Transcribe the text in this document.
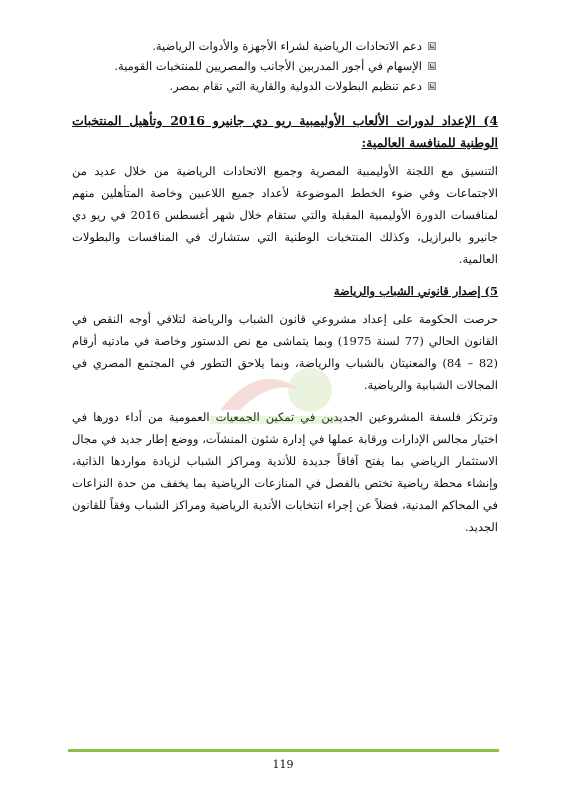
دعم الاتحادات الرياضية لشراء الأجهزة والأدوات الرياضية.
الإسهام في أجور المدربين الأجانب والمصريين للمنتخبات القومية.
دعم تنظيم البطولات الدولية والقارية التي تقام بمصر.
4) الإعداد لدورات الألعاب الأوليمبية ريو دي جانيرو 2016 وتأهيل المنتخبات الوطنية للمنافسة العالمية:

التنسيق مع اللجنة الأوليمبية المصرية وجميع الاتحادات الرياضية من خلال عديد من الاجتماعات وفي ضوء الخطط الموضوعة لأعداد جميع اللاعبين وخاصة المتأهلين منهم لمنافسات الدورة الأوليمبية المقبلة والتي ستقام خلال شهر أغسطس 2016 في ريو دي جانيرو بالبرازيل، وكذلك المنتخبات الوطنية التي ستشارك في المنافسات والبطولات العالمية.

5) إصدار قانوني الشباب والرياضة

حرصت الحكومة على إعداد مشروعي قانون الشباب والرياضة لتلافي أوجه النقص في القانون الحالي (77 لسنة 1975) وبما يتماشى مع نص الدستور وخاصة في مادتيه أرقام (82 – 84) والمعنيتان بالشباب والرياضة، وبما يلاحق التطور في المجتمع المصري في المجالات الشبابية والرياضية.

وترتكز فلسفة المشروعين الجديدين في تمكين الجمعيات العمومية من أداء دورها في اختيار مجالس الإدارات ورقابة عملها في إدارة شئون المنشآت، ووضع إطار جديد في مجال الاستثمار الرياضي بما يفتح آفاقاً جديدة للأندية ومراكز الشباب لزيادة مواردها الذاتية، وإنشاء محطة رياضية تختص بالفصل في المنازعات الرياضية بما يخفف من حدة النزاعات في المحاكم المدنية، فضلاً عن إجراء انتخابات الأندية الرياضية ومراكز الشباب وفقاً للقانون الجديد.

119
